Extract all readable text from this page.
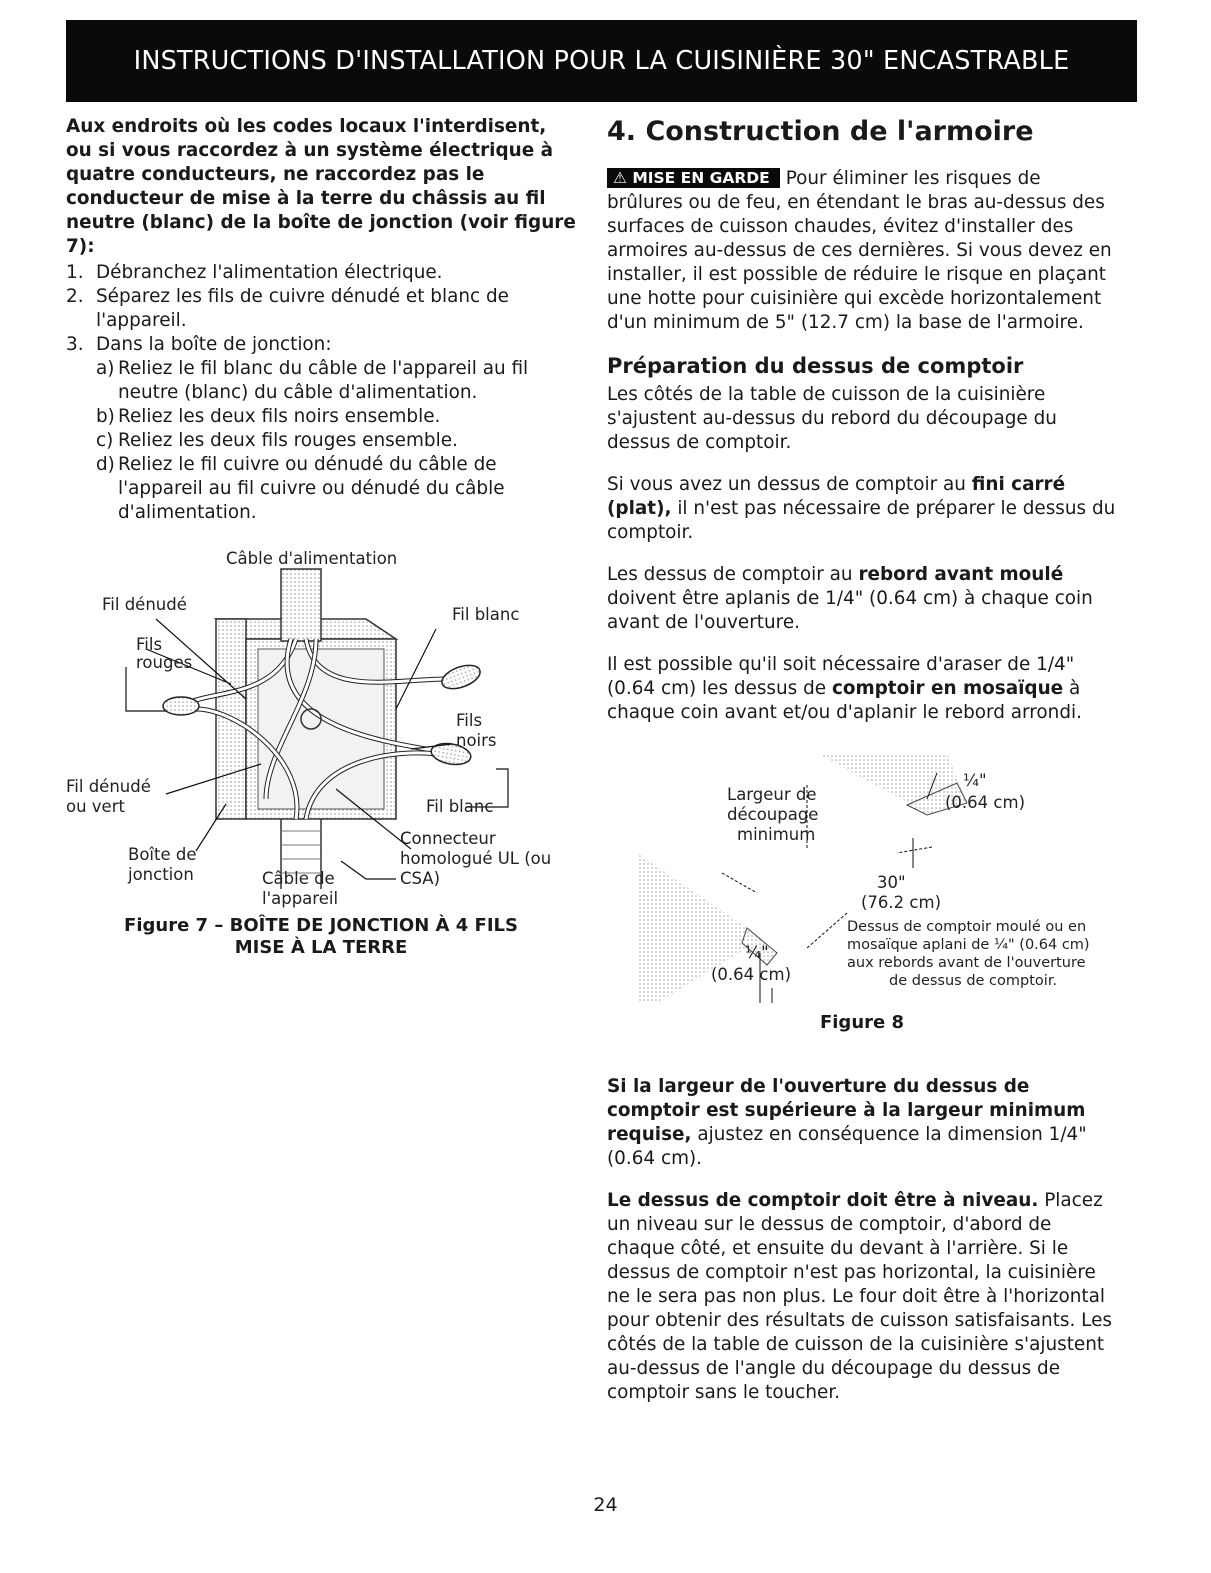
INSTRUCTIONS D'INSTALLATION POUR LA CUISINIÈRE 30" ENCASTRABLE
Aux endroits où les codes locaux l'interdisent, ou si vous raccordez à un système électrique à quatre conducteurs, ne raccordez pas le conducteur de mise à la terre du châssis au fil neutre (blanc) de la boîte de jonction (voir figure 7):
1. Débranchez l'alimentation électrique.
2. Séparez les fils de cuivre dénudé et blanc de l'appareil.
3. Dans la boîte de jonction:
a) Reliez le fil blanc du câble de l'appareil au fil neutre (blanc) du câble d'alimentation.
b) Reliez les deux fils noirs ensemble.
c) Reliez les deux fils rouges ensemble.
d) Reliez le fil cuivre ou dénudé du câble de l'appareil au fil cuivre ou dénudé du câble d'alimentation.
Câble d'alimentation
Fil dénudé
Fils
rouges
Fil blanc
Fils
noirs
Fil dénudé
ou vert	Fil blanc
Boîte de
jonction
Connecteur
homologué UL (ou
CSA)
Câble de
l'appareil
Figure 7 – BOÎTE DE JONCTION À 4 FILS
MISE À LA TERRE
4. Construction de l'armoire

⚠ MISE EN GARDE Pour éliminer les risques de brûlures ou de feu, en étendant le bras au-dessus des surfaces de cuisson chaudes, évitez d'installer des armoires au-dessus de ces dernières. Si vous devez en installer, il est possible de réduire le risque en plaçant une hotte pour cuisinière qui excède horizontalement d'un minimum de 5" (12.7 cm) la base de l'armoire.

Préparation du dessus de comptoir

Les côtés de la table de cuisson de la cuisinière s'ajustent au-dessus du rebord du découpage du dessus de comptoir.

Si vous avez un dessus de comptoir au fini carré (plat), il n'est pas nécessaire de préparer le dessus du comptoir.

Les dessus de comptoir au rebord avant moulé doivent être aplanis de 1/4" (0.64 cm) à chaque coin avant de l'ouverture.

Il est possible qu'il soit nécessaire d'araser de 1/4" (0.64 cm) les dessus de comptoir en mosaïque à chaque coin avant et/ou d'aplanir le rebord arrondi.

Largeur de
découpage
minimum
¼"
(0.64 cm)
30"
(76.2 cm)
¼"
(0.64 cm)
Dessus de comptoir moulé ou en
mosaïque aplani de ¼" (0.64 cm)
aux rebords avant de l'ouverture
de dessus de comptoir.
Figure 8

Si la largeur de l'ouverture du dessus de comptoir est supérieure à la largeur minimum requise, ajustez en conséquence la dimension 1/4" (0.64 cm).

Le dessus de comptoir doit être à niveau. Placez un niveau sur le dessus de comptoir, d'abord de chaque côté, et ensuite du devant à l'arrière. Si le dessus de comptoir n'est pas horizontal, la cuisinière ne le sera pas non plus. Le four doit être à l'horizontal pour obtenir des résultats de cuisson satisfaisants. Les côtés de la table de cuisson de la cuisinière s'ajustent au-dessus de l'angle du découpage du dessus de comptoir sans le toucher.

24
